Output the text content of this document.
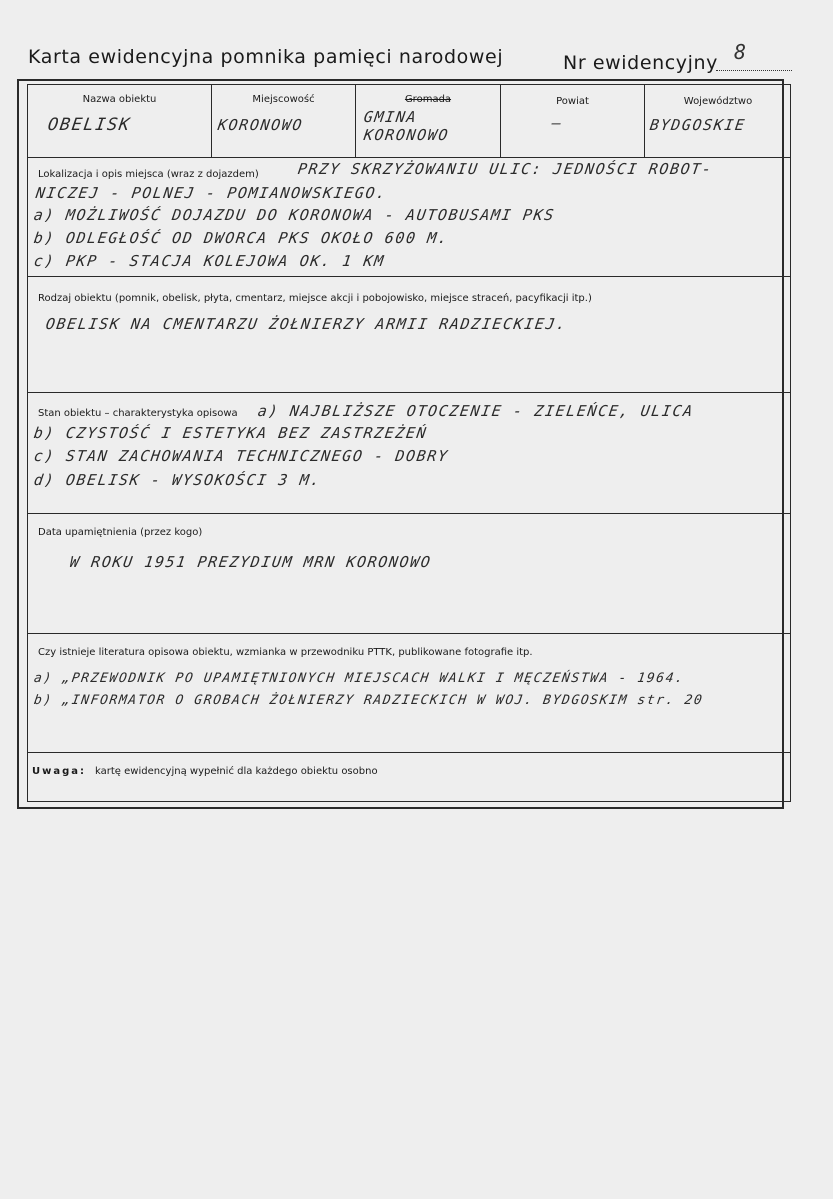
Karta ewidencyjna pomnika pamięci narodowej	Nr ewidencyjny 8
Nazwa obiektu
OBELISK
Miejscowość
KORONOWO
Gromada
GMINA
KORONOWO
Powiat
—
Województwo
BYDGOSKIE
Lokalizacja i opis miejsca (wraz z dojazdem)	PRZY SKRZYŻOWANIU ULIC: JEDNOŚCI ROBOT-
NICZEJ - POLNEJ - POMIANOWSKIEGO.
a) MOŻLIWOŚĆ DOJAZDU DO KORONOWA - AUTOBUSAMI PKS
b) ODLEGŁOŚĆ OD DWORCA PKS OKOŁO 600 M.
c) PKP - STACJA KOLEJOWA OK. 1 KM
Rodzaj obiektu (pomnik, obelisk, płyta, cmentarz, miejsce akcji i pobojowisko, miejsce straceń, pacyfikacji itp.)
OBELISK NA CMENTARZU ŻOŁNIERZY ARMII RADZIECKIEJ.
Stan obiektu – charakterystyka opisowa a) NAJBLIŻSZE OTOCZENIE - ZIELEŃCE, ULICA
b) CZYSTOŚĆ I ESTETYKA BEZ ZASTRZEŻEŃ
c) STAN ZACHOWANIA TECHNICZNEGO - DOBRY
d) OBELISK - WYSOKOŚCI 3 M.
Data upamiętnienia (przez kogo)
W ROKU 1951 PREZYDIUM MRN KORONOWO
Czy istnieje literatura opisowa obiektu, wzmianka w przewodniku PTTK, publikowane fotografie itp.
a) „PRZEWODNIK PO UPAMIĘTNIONYCH MIEJSCACH WALKI I MĘCZEŃSTWA - 1964.
b) „INFORMATOR O GROBACH ŻOŁNIERZY RADZIECKICH W WOJ. BYDGOSKIM str. 20
Uwaga: kartę ewidencyjną wypełnić dla każdego obiektu osobno
